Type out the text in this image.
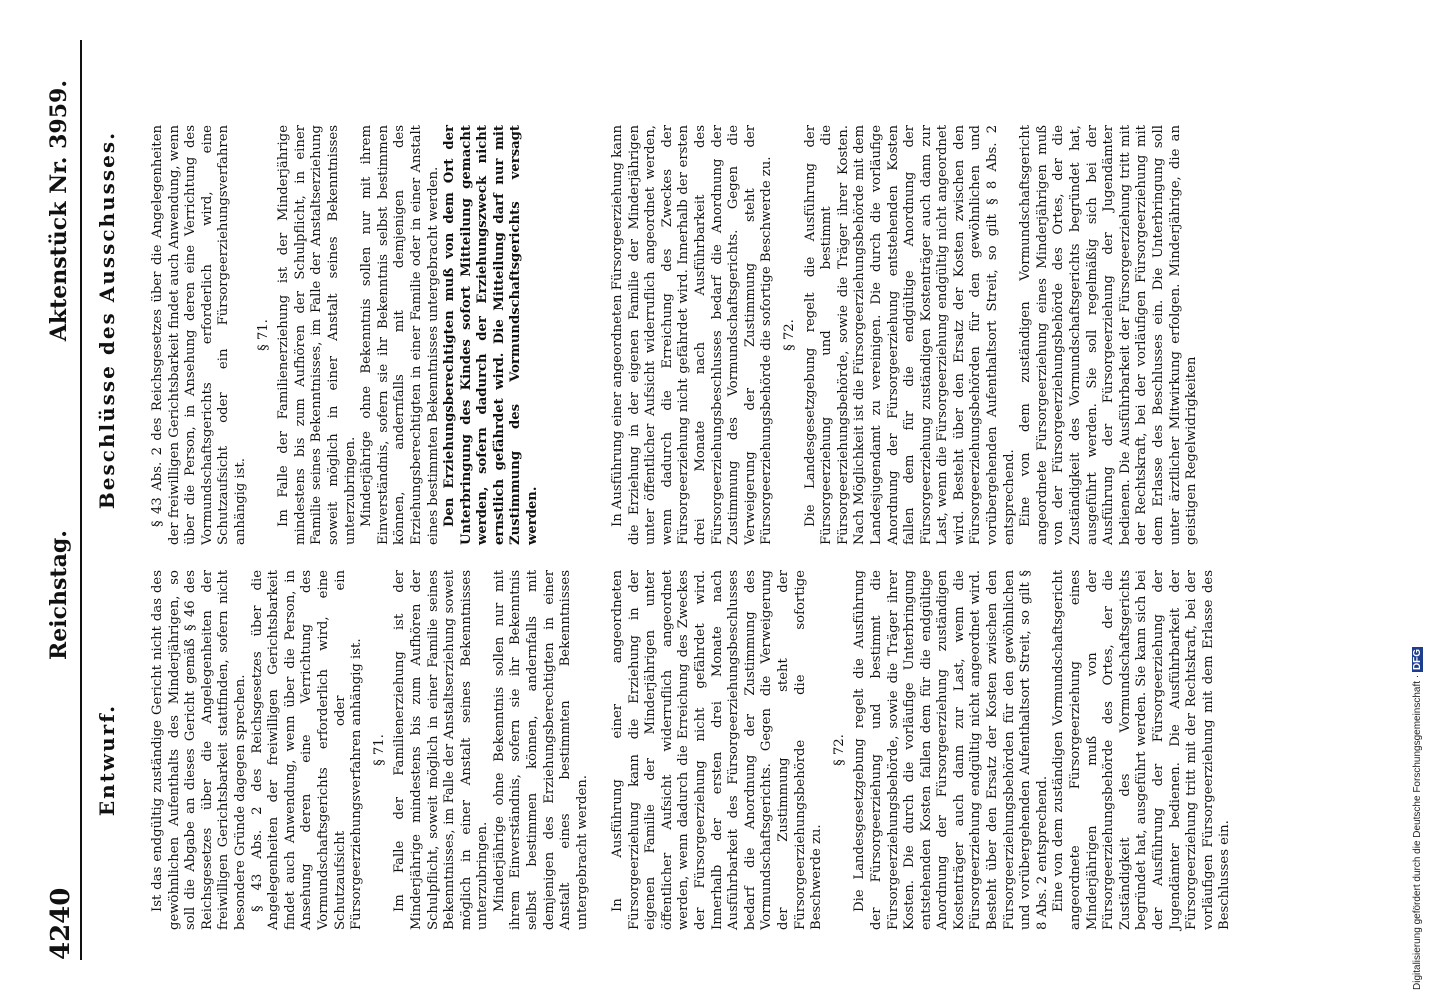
4240
Reichstag.
Aktenstück Nr. 3959.
Entwurf.
Beschlüsse des Ausschusses.

Ist das endgültig zuständige Gericht nicht das des gewöhnlichen Aufenthalts des Minderjährigen, so soll die Abgabe an dieses Gericht gemäß § 46 des Reichsgesetzes über die Angelegenheiten der freiwilligen Gerichtsbarkeit stattfinden, sofern nicht besondere Gründe dagegen sprechen. § 43 Abs. 2 des Reichsgesetzes über die Angelegenheiten der freiwilligen Gerichtsbarkeit findet auch Anwendung, wenn über die Person, in Ansehung deren eine Verrichtung des Vormundschaftsgerichts erforderlich wird, eine Schutzaufsicht oder ein Fürsorgeerziehungsverfahren anhängig ist. § 71. Im Falle der Familienerziehung ist der Minderjährige mindestens bis zum Aufhören der Schulpflicht, soweit möglich in einer Familie seines Bekenntnisses, im Falle der Anstaltserziehung soweit möglich in einer Anstalt seines Bekenntnisses unterzubringen. Minderjährige ohne Bekenntnis sollen nur mit ihrem Einverständnis, sofern sie ihr Bekenntnis selbst bestimmen können, andernfalls mit demjenigen des Erziehungsberechtigten in einer Anstalt eines bestimmten Bekenntnisses untergebracht werden.

§ 43 Abs. 2 des Reichsgesetzes über die Angelegenheiten der freiwilligen Gerichtsbarkeit findet auch Anwendung, wenn über die Person, in Ansehung deren eine Verrichtung des Vormundschaftsgerichts erforderlich wird, eine Schutzaufsicht oder ein Fürsorgeerziehungsverfahren anhängig ist.

§ 71. Im Falle der Familienerziehung ist der Minderjährige mindestens bis zum Aufhören der Schulpflicht, in einer Familie seines Bekenntnisses, im Falle der Anstaltserziehung soweit möglich in einer Anstalt seines Bekenntnisses unterzubringen. Minderjährige ohne Bekenntnis sollen nur mit ihrem Einverständnis, sofern sie ihr Bekenntnis selbst bestimmen können, andernfalls mit demjenigen des Erziehungsberechtigten in einer Familie oder in einer Anstalt eines bestimmten Bekenntnisses untergebracht werden. Den Erziehungsberechtigten muß von dem Ort der Unterbringung des Kindes sofort Mitteilung gemacht werden, sofern dadurch der Erziehungszweck nicht ernstlich gefährdet wird. Die Mitteilung darf nur mit Zustimmung des Vormundschaftsgerichts versagt werden.

In Ausführung einer angeordneten Fürsorgeerziehung kann die Erziehung in der eigenen Familie der Minderjährigen unter öffentlicher Aufsicht widerruflich angeordnet werden, wenn dadurch die Erreichung des Zweckes der Fürsorgeerziehung nicht gefährdet wird. Innerhalb der ersten drei Monate nach Ausführbarkeit des Fürsorgeerziehungsbeschlusses bedarf die Anordnung der Zustimmung des Vormundschaftsgerichts. Gegen die Verweigerung der Zustimmung steht der Fürsorgeerziehungsbehörde die sofortige Beschwerde zu.

§ 72. Die Landesgesetzgebung regelt die Ausführung der Fürsorgeerziehung und bestimmt die Fürsorgeerziehungsbehörde, sowie die Träger ihrer Kosten. Die durch die vorläufige Unterbringung entstehenden Kosten fallen dem für die endgültige Anordnung der Fürsorgeerziehung zuständigen Kostenträger auch dann zur Last, wenn die Fürsorgeerziehung endgültig nicht angeordnet wird. Besteht über den Ersatz der Kosten zwischen den Fürsorgeerziehungsbehörden für den gewöhnlichen und vorübergehenden Aufenthaltsort Streit, so gilt § 8 Abs. 2 entsprechend. Eine von dem zuständigen Vormundschaftsgericht angeordnete Fürsorgeerziehung eines Minderjährigen muß von der Fürsorgeerziehungsbehörde des Ortes, der die Zuständigkeit des Vormundschaftsgerichts begründet hat, ausgeführt werden. Sie kann sich bei der Ausführung der Fürsorgeerziehung der Jugendämter bedienen. Die Ausführbarkeit der Fürsorgeerziehung tritt mit der Rechtskraft, bei der vorläufigen Fürsorgeerziehung mit dem Erlasse des Beschlusses ein.

In Ausführung einer angeordneten Fürsorgeerziehung kann die Erziehung in der eigenen Familie der Minderjährigen unter öffentlicher Aufsicht widerruflich angeordnet werden, wenn dadurch die Erreichung des Zweckes der Fürsorgeerziehung nicht gefährdet wird. Innerhalb der ersten drei Monate nach Ausführbarkeit des Fürsorgeerziehungsbeschlusses bedarf die Anordnung der Zustimmung des Vormundschaftsgerichts. Gegen die Verweigerung der Zustimmung steht der Fürsorgeerziehungsbehörde die sofortige Beschwerde zu. § 72. Die Landesgesetzgebung regelt die Ausführung der Fürsorgeerziehung und bestimmt die Fürsorgeerziehungsbehörde, sowie die Träger ihrer Kosten. Nach Möglichkeit ist die Fürsorgeerziehungsbehörde mit dem Landesjugendamt zu vereinigen. Die durch die vorläufige Anordnung der Fürsorgeerziehung entstehenden Kosten fallen dem für die endgültige Anordnung der Fürsorgeerziehung zuständigen Kostenträger auch dann zur Last, wenn die Fürsorgeerziehung endgültig nicht angeordnet wird. Besteht über den Ersatz der Kosten zwischen den Fürsorgeerziehungsbehörden für den gewöhnlichen und vorübergehenden Aufenthaltsort Streit, so gilt § 8 Abs. 2 entsprechend. Eine von dem zuständigen Vormundschaftsgericht angeordnete Fürsorgeerziehung eines Minderjährigen muß von der Fürsorgeerziehungsbehörde des Ortes, der die Zuständigkeit des Vormundschaftsgerichts begründet hat, ausgeführt werden. Sie soll regelmäßig sich bei der Ausführung der Fürsorgeerziehung der Jugendämter bedienen. Die Ausführbarkeit der Fürsorgeerziehung tritt mit der Rechtskraft, bei der vorläufigen Fürsorgeerziehung mit dem Erlasse des Beschlusses ein. Die Unterbringung soll unter ärztlicher Mitwirkung erfolgen. Minderjährige, die an geistigen Regelwidrigkeiten

Digitalisierung gefördert durch die Deutsche Forschungsgemeinschaft · DFG
